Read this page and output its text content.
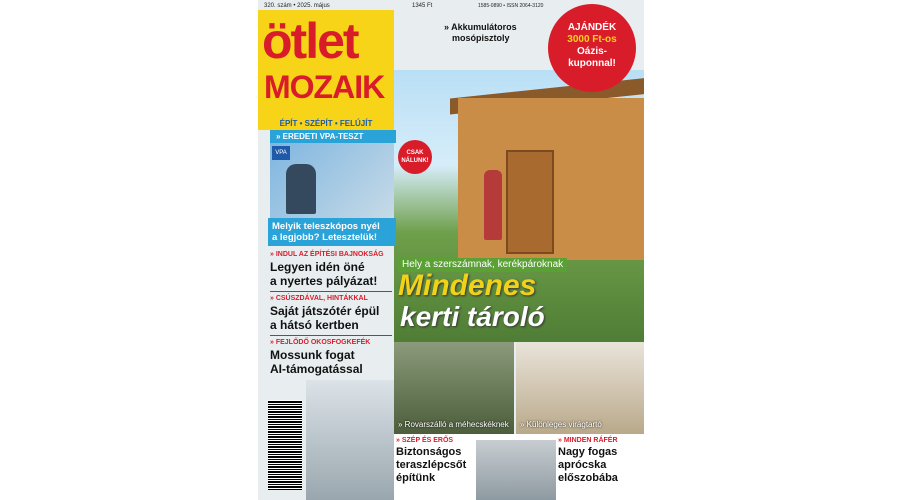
320. szám • 2025. május	1345 Ft	1585-0890 • ISSN 2064-3120
ötlet
MOZAIK
ÉPÍT • SZÉPÍT • FELÚJÍT
» Akkumulátoros
mosópisztoly
AJÁNDÉK
3000 Ft-os
Oázis-
kuponnal!
» EREDETI VPA-TESZT
VPA	CSAK
NÁLUNK!
Melyik teleszkópos nyél
a legjobb? Letesztelük!
» INDUL AZ ÉPÍTÉSI BAJNOKSÁG
Legyen idén öné
a nyertes pályázat!
» CSÚSZDÁVAL, HINTÁKKAL
Saját játszótér épül
a hátsó kertben
» FEJLŐDŐ OKOSFOGKEFÉK
Mossunk fogat
AI-támogatással
Hely a szerszámnak, kerékpároknak
Mindenes
kerti tároló
» Rovarszálló a méhecskéknek » Különleges virágtartó
» SZÉP ÉS ERŐS
Biztonságos
teraszlépcsőt
építünk
» MINDEN RÁFÉR
Nagy fogas
aprócska
előszobába
